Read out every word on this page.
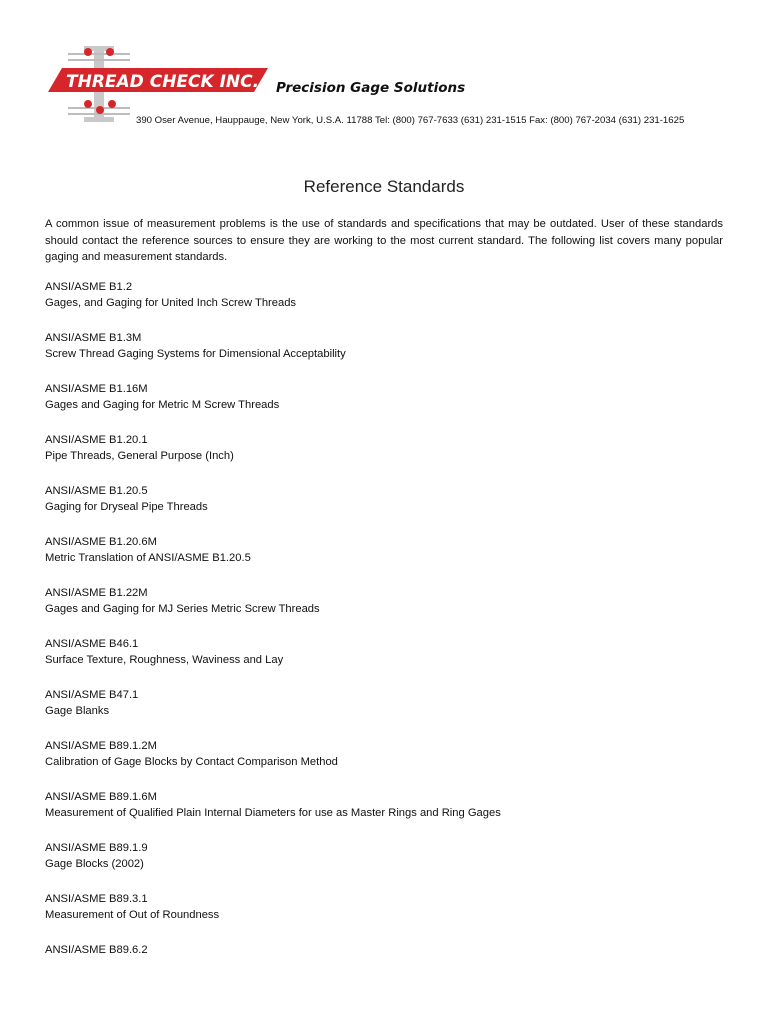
THREAD CHECK INC. Precision Gage Solutions
390 Oser Avenue, Hauppauge, New York, U.S.A. 11788 Tel: (800) 767-7633 (631) 231-1515 Fax: (800) 767-2034 (631) 231-1625
Reference Standards
A common issue of measurement problems is the use of standards and specifications that may be outdated. User of these standards should contact the reference sources to ensure they are working to the most current standard. The following list covers many popular gaging and measurement standards.
ANSI/ASME B1.2
Gages, and Gaging for United Inch Screw Threads
ANSI/ASME B1.3M
Screw Thread Gaging Systems for Dimensional Acceptability
ANSI/ASME B1.16M
Gages and Gaging for Metric M Screw Threads
ANSI/ASME B1.20.1
Pipe Threads, General Purpose (Inch)
ANSI/ASME B1.20.5
Gaging for Dryseal Pipe Threads
ANSI/ASME B1.20.6M
Metric Translation of ANSI/ASME B1.20.5
ANSI/ASME B1.22M
Gages and Gaging for MJ Series Metric Screw Threads
ANSI/ASME B46.1
Surface Texture, Roughness, Waviness and Lay
ANSI/ASME B47.1
Gage Blanks
ANSI/ASME B89.1.2M
Calibration of Gage Blocks by Contact Comparison Method
ANSI/ASME B89.1.6M
Measurement of Qualified Plain Internal Diameters for use as Master Rings and Ring Gages
ANSI/ASME B89.1.9
Gage Blocks (2002)
ANSI/ASME B89.3.1
Measurement of Out of Roundness
ANSI/ASME B89.6.2
